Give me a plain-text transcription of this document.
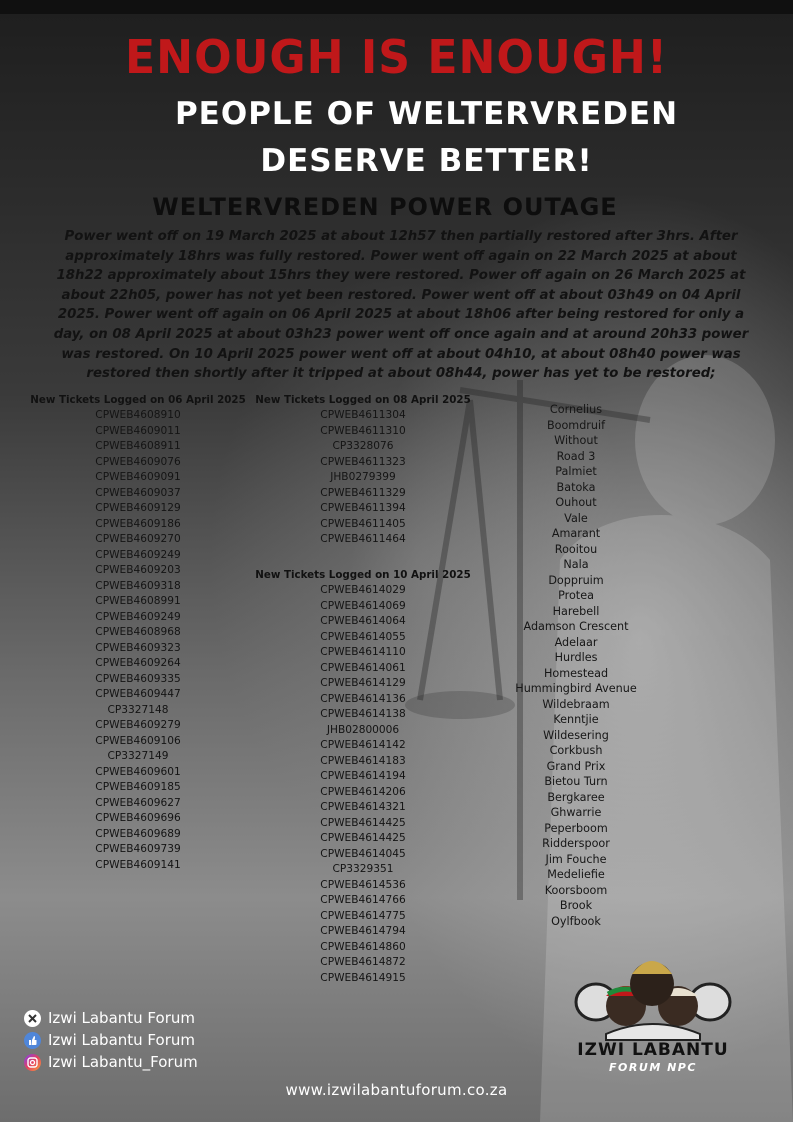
ENOUGH IS ENOUGH!
PEOPLE OF WELTERVREDEN
DESERVE BETTER!
WELTERVREDEN POWER OUTAGE

Power went off on 19 March 2025 at about 12h57 then partially restored after 3hrs. After approximately 18hrs was fully restored. Power went off again on 22 March 2025 at about 18h22 approximately about 15hrs they were restored. Power off again on 26 March 2025 at about 22h05, power has not yet been restored. Power went off at about 03h49 on 04 April 2025. Power went off again on 06 April 2025 at about 18h06 after being restored for only a day, on 08 April 2025 at about 03h23 power went off once again and at around 20h33 power was restored. On 10 April 2025 power went off at about 04h10, at about 08h40 power was restored then shortly after it tripped at about 08h44, power has yet to be restored;

New Tickets Logged on 06 April 2025
CPWEB4608910
CPWEB4609011
CPWEB4608911
CPWEB4609076
CPWEB4609091
CPWEB4609037
CPWEB4609129
CPWEB4609186
CPWEB4609270
CPWEB4609249
CPWEB4609203
CPWEB4609318
CPWEB4608991
CPWEB4609249
CPWEB4608968
CPWEB4609323
CPWEB4609264
CPWEB4609335
CPWEB4609447
CP3327148
CPWEB4609279
CPWEB4609106
CP3327149
CPWEB4609601
CPWEB4609185
CPWEB4609627
CPWEB4609696
CPWEB4609689
CPWEB4609739
CPWEB4609141
New Tickets Logged on 08 April 2025
CPWEB4611304
CPWEB4611310
CP3328076
CPWEB4611323
JHB0279399
CPWEB4611329
CPWEB4611394
CPWEB4611405
CPWEB4611464
New Tickets Logged on 10 April 2025
CPWEB4614029
CPWEB4614069
CPWEB4614064
CPWEB4614055
CPWEB4614110
CPWEB4614061
CPWEB4614129
CPWEB4614136
CPWEB4614138
JHB02800006
CPWEB4614142
CPWEB4614183
CPWEB4614194
CPWEB4614206
CPWEB4614321
CPWEB4614425
CPWEB4614425
CPWEB4614045
CP3329351
CPWEB4614536
CPWEB4614766
CPWEB4614775
CPWEB4614794
CPWEB4614860
CPWEB4614872
CPWEB4614915
Cornelius
Boomdruif
Without
Road 3
Palmiet
Batoka
Ouhout
Vale
Amarant
Rooitou
Nala
Doppruim
Protea
Harebell
Adamson Crescent
Adelaar
Hurdles
Homestead
Hummingbird Avenue
Wildebraam
Kenntjie
Wildesering
Corkbush
Grand Prix
Bietou Turn
Bergkaree
Ghwarrie
Peperboom
Ridderspoor
Jim Fouche
Medeliefie
Koorsboom
Brook
Oylfbook
Izwi Labantu Forum
Izwi Labantu Forum
Izwi Labantu_Forum
www.izwilabantuforum.co.za
IZWI LABANTU
FORUM NPC
